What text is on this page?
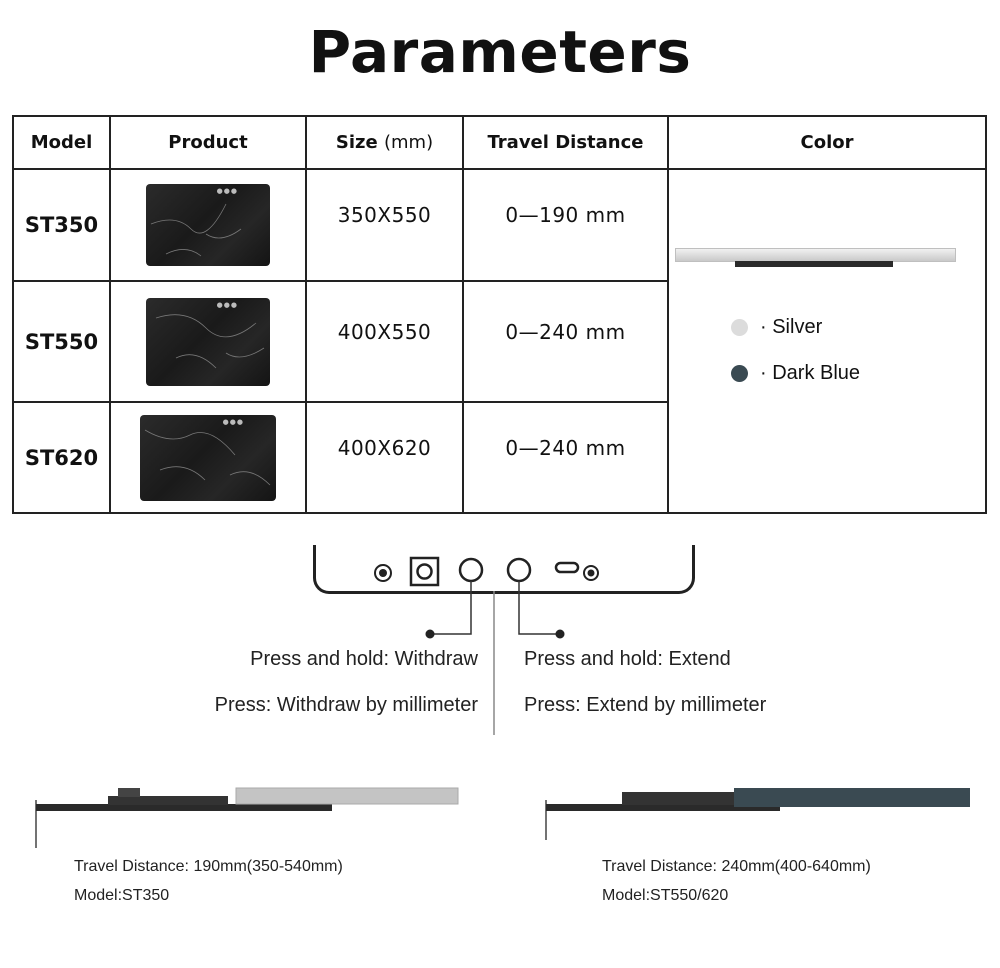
Parameters
Model	Product	Size (mm)	Travel Distance	Color
ST350	●●●	350X550	0—190 mm	· Silver
· Dark Blue

ST550	●●●	400X550	0—240 mm	
ST620	●●●	400X620	0—240 mm	
Press and hold: Withdraw
Press: Withdraw by millimeter
Press and hold: Extend
Press: Extend by millimeter
Travel Distance: 190mm(350-540mm)
Model:ST350
Travel Distance: 240mm(400-640mm)
Model:ST550/620
